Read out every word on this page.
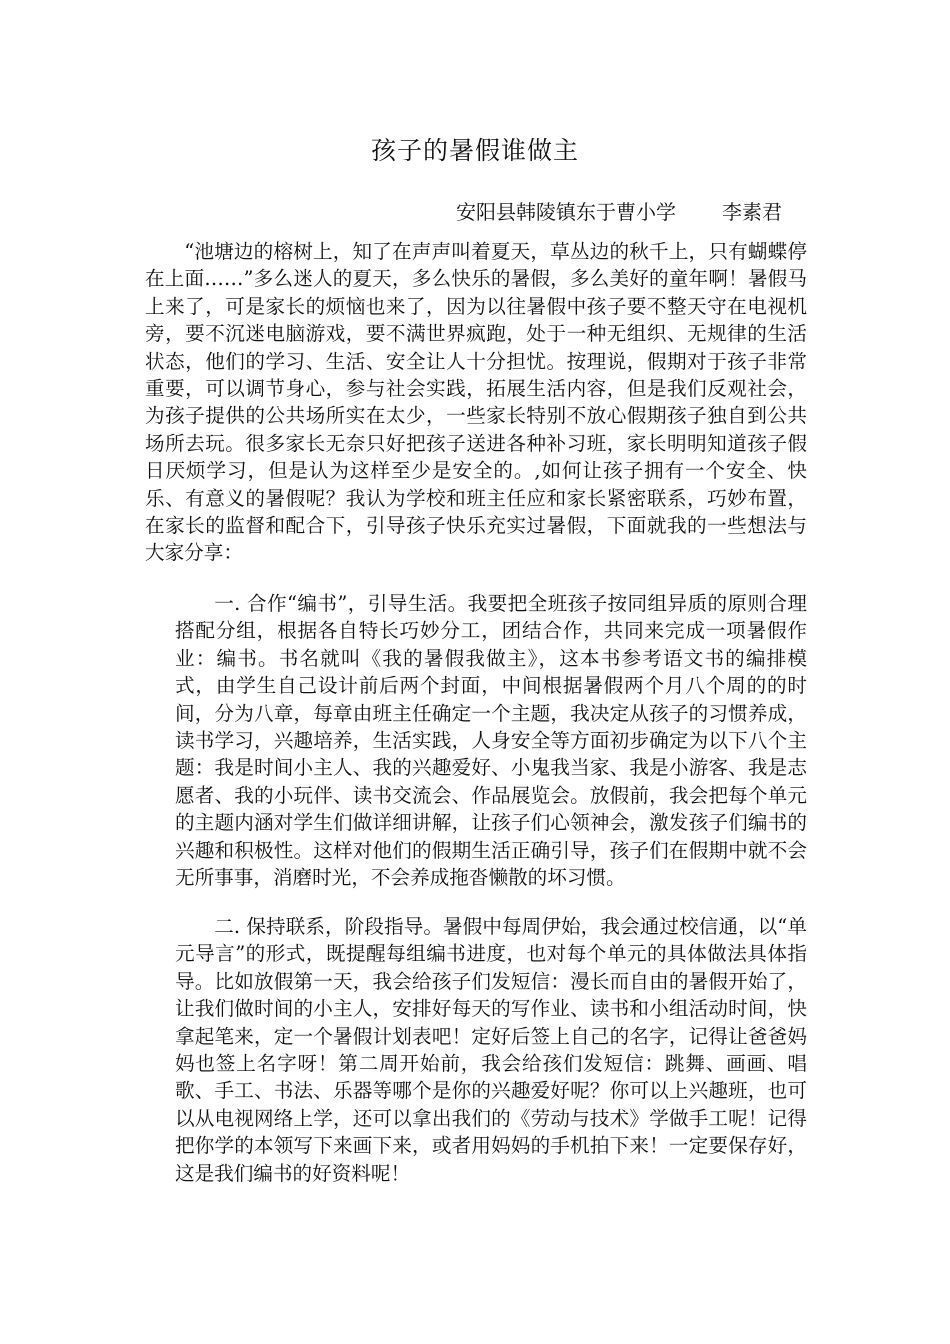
孩子的暑假谁做主
安阳县韩陵镇东于曹小学 李素君

“池塘边的榕树上，知了在声声叫着夏天，草丛边的秋千上，只有蝴蝶停在上面……”多么迷人的夏天，多么快乐的暑假，多么美好的童年啊！暑假马上来了，可是家长的烦恼也来了，因为以往暑假中孩子要不整天守在电视机旁，要不沉迷电脑游戏，要不满世界疯跑，处于一种无组织、无规律的生活状态，他们的学习、生活、安全让人十分担忧。按理说，假期对于孩子非常重要，可以调节身心，参与社会实践，拓展生活内容，但是我们反观社会，为孩子提供的公共场所实在太少，一些家长特别不放心假期孩子独自到公共场所去玩。很多家长无奈只好把孩子送进各种补习班，家长明明知道孩子假日厌烦学习，但是认为这样至少是安全的。,如何让孩子拥有一个安全、快乐、有意义的暑假呢？我认为学校和班主任应和家长紧密联系，巧妙布置，在家长的监督和配合下，引导孩子快乐充实过暑假，下面就我的一些想法与大家分享：

一. 合作“编书”，引导生活。我要把全班孩子按同组异质的原则合理搭配分组，根据各自特长巧妙分工，团结合作，共同来完成一项暑假作业：编书。书名就叫《我的暑假我做主》，这本书参考语文书的编排模式，由学生自己设计前后两个封面，中间根据暑假两个月八个周的的时间，分为八章，每章由班主任确定一个主题，我决定从孩子的习惯养成，读书学习，兴趣培养，生活实践，人身安全等方面初步确定为以下八个主题：我是时间小主人、我的兴趣爱好、小鬼我当家、我是小游客、我是志愿者、我的小玩伴、读书交流会、作品展览会。放假前，我会把每个单元的主题内涵对学生们做详细讲解，让孩子们心领神会，激发孩子们编书的兴趣和积极性。这样对他们的假期生活正确引导，孩子们在假期中就不会无所事事，消磨时光，不会养成拖沓懒散的坏习惯。

二. 保持联系，阶段指导。暑假中每周伊始，我会通过校信通，以“单元导言”的形式，既提醒每组编书进度，也对每个单元的具体做法具体指导。比如放假第一天，我会给孩子们发短信：漫长而自由的暑假开始了，让我们做时间的小主人，安排好每天的写作业、读书和小组活动时间，快拿起笔来，定一个暑假计划表吧！定好后签上自己的名字，记得让爸爸妈妈也签上名字呀！第二周开始前，我会给孩们发短信：跳舞、画画、唱歌、手工、书法、乐器等哪个是你的兴趣爱好呢？你可以上兴趣班，也可以从电视网络上学，还可以拿出我们的《劳动与技术》学做手工呢！记得把你学的本领写下来画下来，或者用妈妈的手机拍下来！一定要保存好，这是我们编书的好资料呢！
